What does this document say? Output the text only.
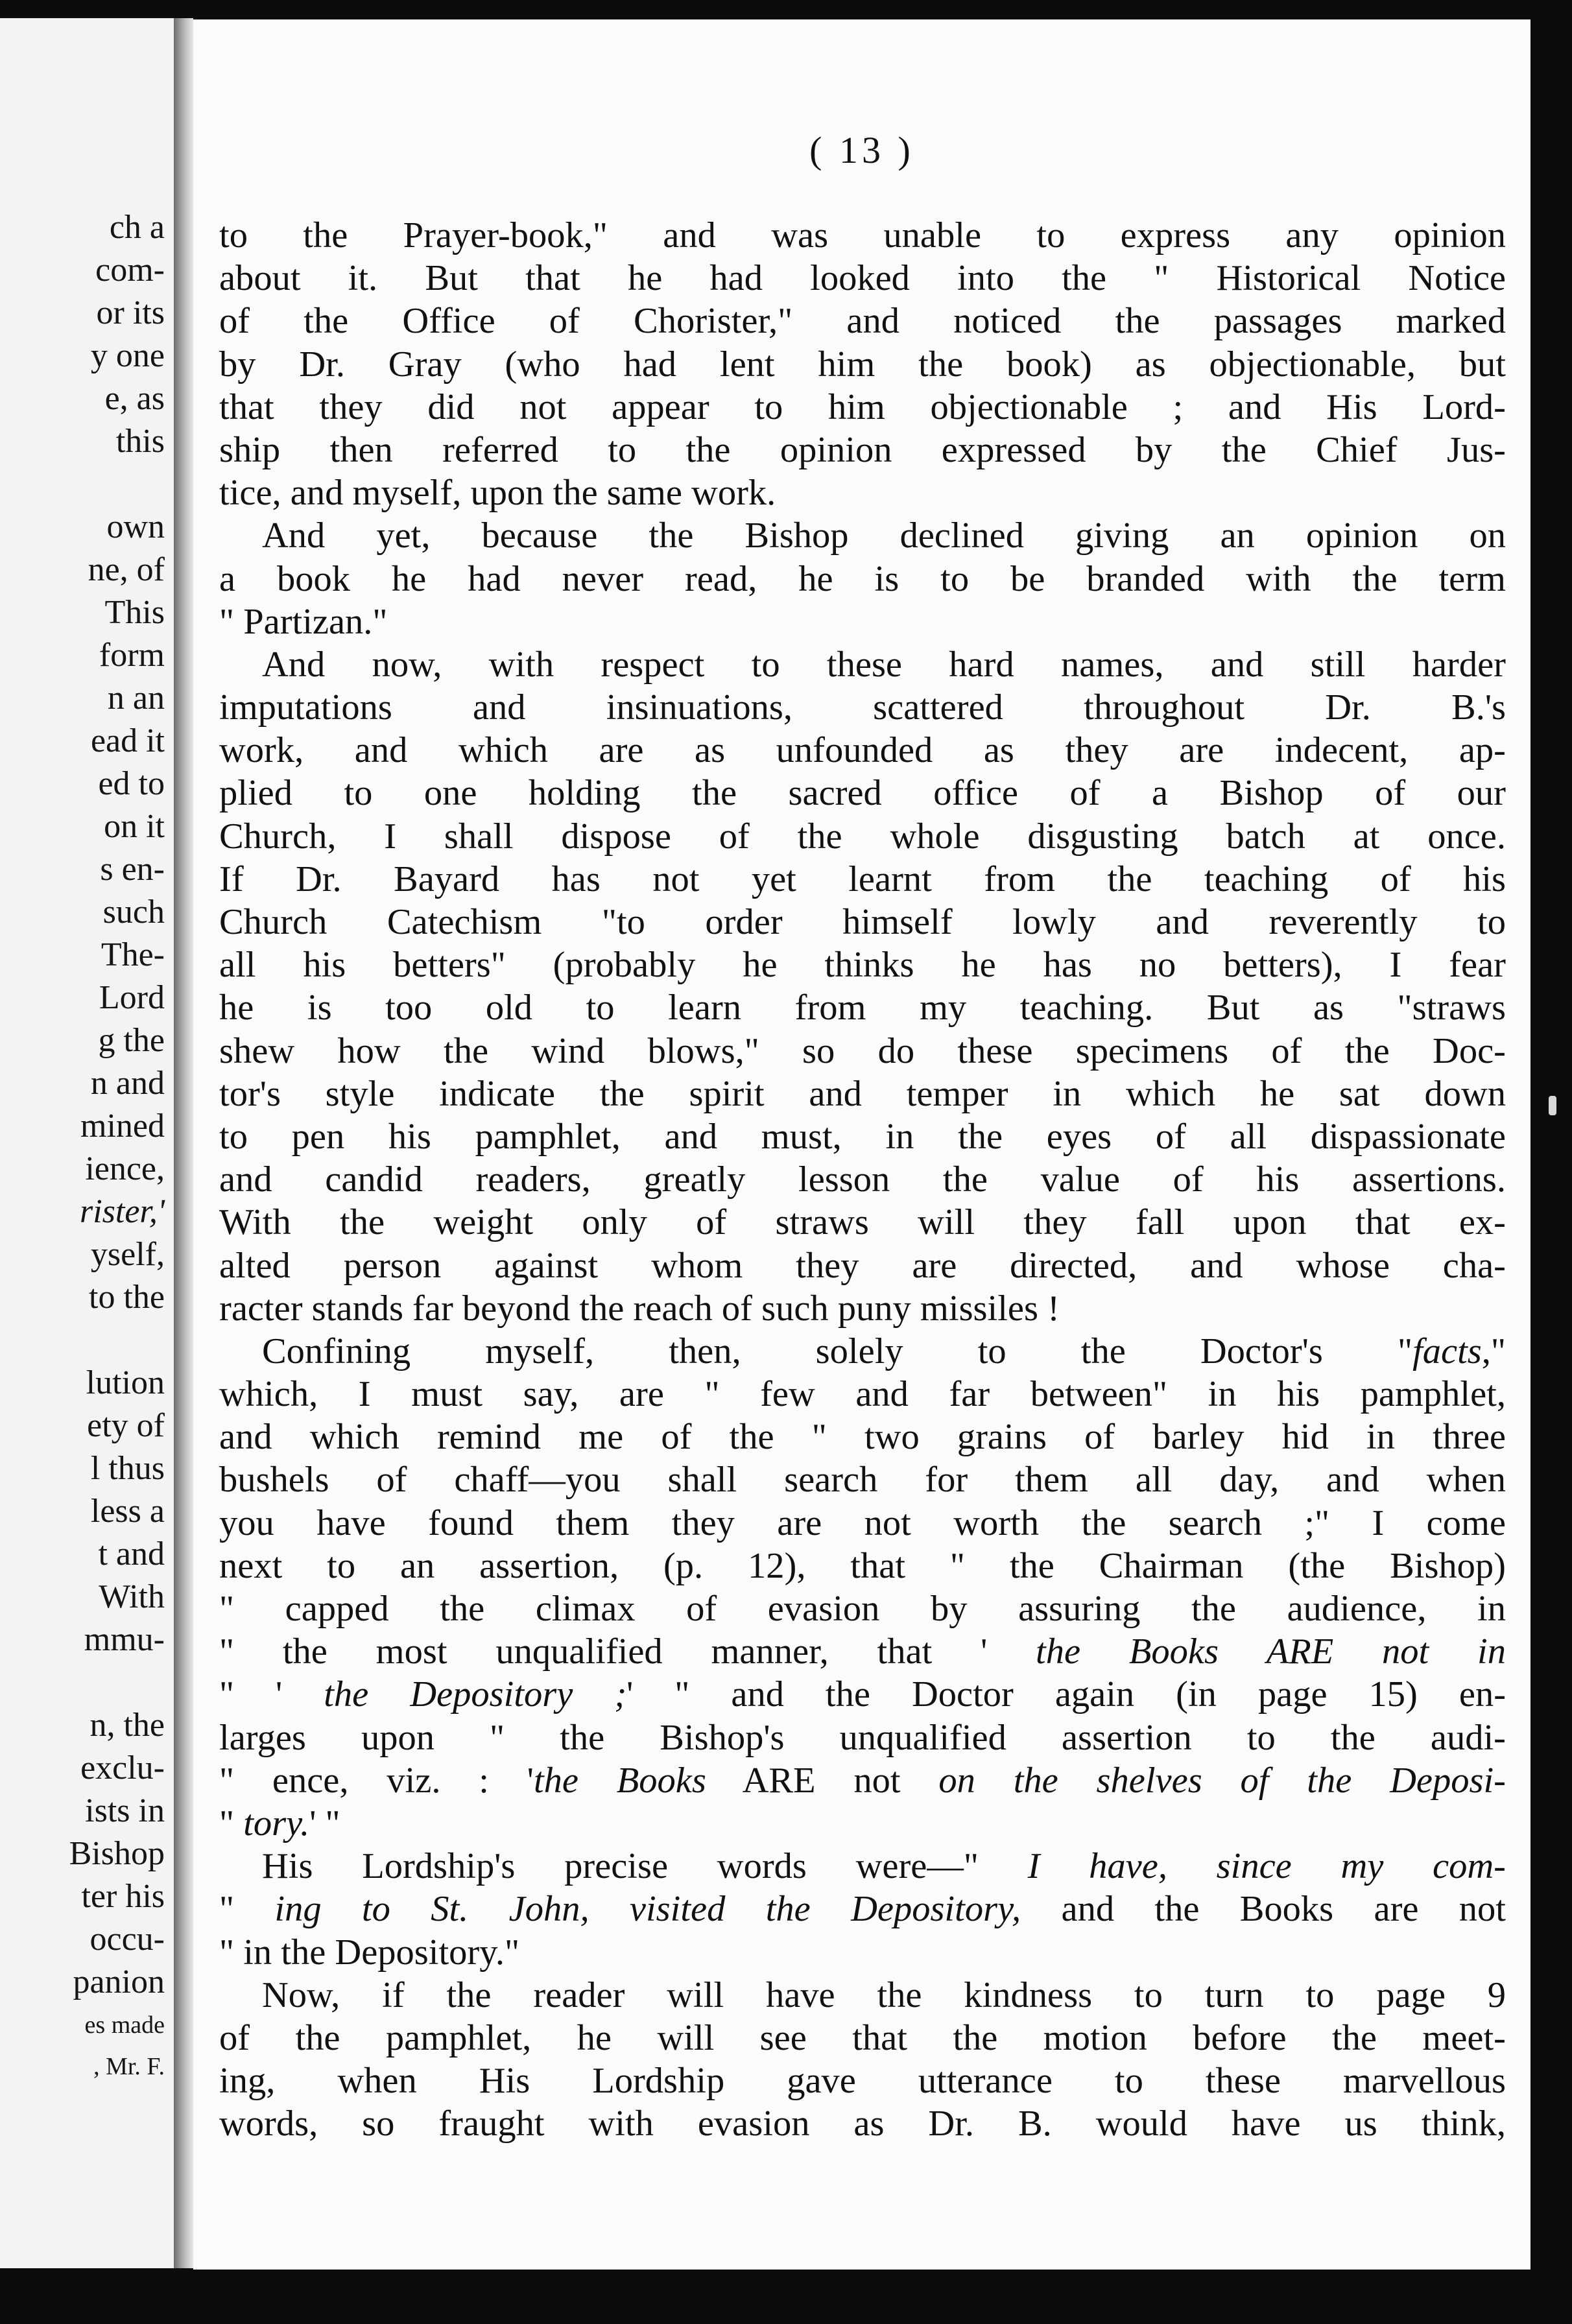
ch a
com-
or its
y one
e, as
this
own
ne, of
This
form
n an
ead it
ed to
on it
s en-
such
The-
Lord
g the
n and
mined
ience,
rister,'
yself,
to the
lution
ety of
l thus
less a
t and
With
mmu-
n, the
exclu-
ists in
Bishop
ter his
occu-
panion
es made
, Mr. F.
( 13 )
to the Prayer-book," and was unable to express any opinion
about it. But that he had looked into the " Historical Notice
of the Office of Chorister," and noticed the passages marked
by Dr. Gray (who had lent him the book) as objectionable, but
that they did not appear to him objectionable ; and His Lord-
ship then referred to the opinion expressed by the Chief Jus-
tice, and myself, upon the same work.
And yet, because the Bishop declined giving an opinion on
a book he had never read, he is to be branded with the term
" Partizan."
And now, with respect to these hard names, and still harder
imputations and insinuations, scattered throughout Dr. B.'s
work, and which are as unfounded as they are indecent, ap-
plied to one holding the sacred office of a Bishop of our
Church, I shall dispose of the whole disgusting batch at once.
If Dr. Bayard has not yet learnt from the teaching of his
Church Catechism "to order himself lowly and reverently to
all his betters" (probably he thinks he has no betters), I fear
he is too old to learn from my teaching. But as "straws
shew how the wind blows," so do these specimens of the Doc-
tor's style indicate the spirit and temper in which he sat down
to pen his pamphlet, and must, in the eyes of all dispassionate
and candid readers, greatly lesson the value of his assertions.
With the weight only of straws will they fall upon that ex-
alted person against whom they are directed, and whose cha-
racter stands far beyond the reach of such puny missiles !
Confining myself, then, solely to the Doctor's "facts,"
which, I must say, are " few and far between" in his pamphlet,
and which remind me of the " two grains of barley hid in three
bushels of chaff—you shall search for them all day, and when
you have found them they are not worth the search ;" I come
next to an assertion, (p. 12), that " the Chairman (the Bishop)
" capped the climax of evasion by assuring the audience, in
" the most unqualified manner, that ' the Books ARE not in
" ' the Depository ;' " and the Doctor again (in page 15) en-
larges upon " the Bishop's unqualified assertion to the audi-
" ence, viz. : 'the Books ARE not on the shelves of the Deposi-
" tory.' "
His Lordship's precise words were—" I have, since my com-
" ing to St. John, visited the Depository, and the Books are not
" in the Depository."
Now, if the reader will have the kindness to turn to page 9
of the pamphlet, he will see that the motion before the meet-
ing, when His Lordship gave utterance to these marvellous
words, so fraught with evasion as Dr. B. would have us think,
